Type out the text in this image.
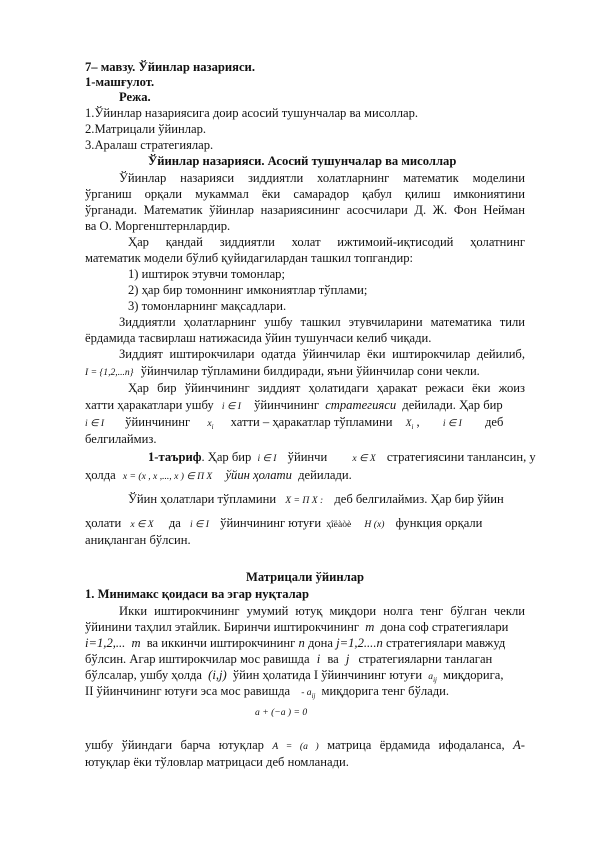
7– мавзу. Ўйинлар назарияси.
1-машғулот.
Режа.
1.Ўйинлар назариясига доир асосий тушунчалар ва мисоллар.
2.Матрицали ўйинлар.
3.Аралаш стратегиялар.
Ўйинлар назарияси. Асосий тушунчалар ва мисоллар
Ўйинлар назарияси зиддиятли холатларнинг математик моделини
ўрганиш орқали мукаммал ёки самарадор қабул қилиш имкониятини
ўрганади. Математик ўйинлар назариясининг асосчилари Д. Ж. Фон Нейман
ва О. Моргенштернлардир.
Ҳар қандай зиддиятли холат ижтимоий-иқтисодий ҳолатнинг
математик модели бўлиб қуйидагилардан ташкил топгандир:
1) иштирок этувчи томонлар;
2) ҳар бир томоннинг имкониятлар тўплами;
3) томонларнинг мақсадлари.
Зиддиятли ҳолатларнинг ушбу ташкил этувчиларини математика тили
ёрдамида тасвирлаш натижасида ўйин тушунчаси келиб чиқади.
Зиддият иштирокчилари одатда ўйинчилар ёки иштирокчилар дейилиб,
I = {1,2,...n} ўйинчилар тўпламини билдиради, яъни ўйинчилар сони чекли.
Ҳар бир ўйинчининг зиддият ҳолатидаги ҳаракат режаси ёки жоиз
хатти ҳаракатлари ушбу i ∈ I ўйинчининг стратегияси дейилади. Ҳар бир
i ∈ I ўйинчининг $x_i$ хатти – ҳаракатлар тўпламини $X_i$ , i ∈ I деб
белгилаймиз.
1-таъриф. Ҳар бир i ∈ I ўйинчи	x ∈ X стратегиясини танлансин, у
ҳолда x = (x , x ,..., x ) ∈ Π X ўйин ҳолати дейилади.
Ўйин ҳолатлари тўпламини X = Π X : деб белгилаймиз. Ҳар бир ўйин
ҳолати x ∈ X да i ∈ I ўйинчининг ютуғи ҳîëàòè H (x) функция орқали
аниқланган бўлсин.
Матрицали ўйинлар
1. Минимакс қоидаси ва эгар нуқталар
Икки иштирокчининг умумий ютуқ миқдори нолга тенг бўлган чекли
ўйинини таҳлил этайлик. Биринчи иштирокчининг m дона соф стратегиялари
i=1,2,... m ва иккинчи иштирокчининг n дона j=1,2....n стратегиялари мавжуд
бўлсин. Агар иштирокчилар мос равишда i ва j стратегияларни танлаган
бўлсалар, ушбу ҳолда (i,j) ўйин ҳолатида I ўйинчининг ютуғи $a_{ij}$ миқдорига,
II ўйинчининг ютуғи эса мос равишда - $a_{ij}$ миқдорига тенг бўлади.
a + (−a ) = 0
ушбу ўйиндаги барча ютуқлар A = (a ) матрица ёрдамида ифодаланса, A-
ютуқлар ёки тўловлар матрицаси деб номланади.
